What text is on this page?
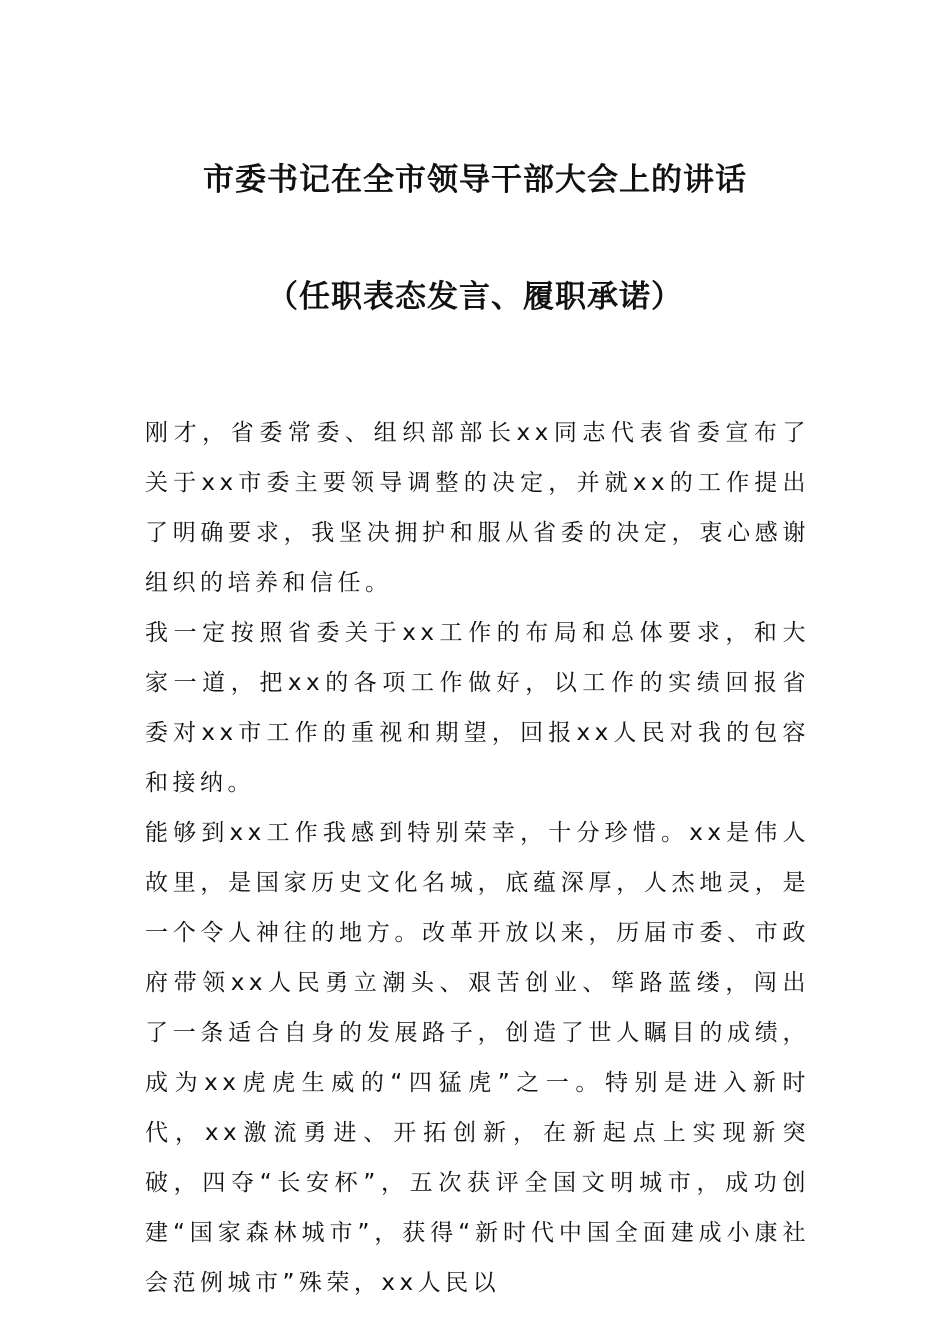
市委书记在全市领导干部大会上的讲话
（任职表态发言、履职承诺）

刚才，省委常委、组织部部长xx同志代表省委宣布了关于xx市委主要领导调整的决定，并就xx的工作提出了明确要求，我坚决拥护和服从省委的决定，衷心感谢组织的培养和信任。

我一定按照省委关于xx工作的布局和总体要求，和大家一道，把xx的各项工作做好，以工作的实绩回报省委对xx市工作的重视和期望，回报xx人民对我的包容和接纳。

能够到xx工作我感到特别荣幸，十分珍惜。xx是伟人故里，是国家历史文化名城，底蕴深厚，人杰地灵，是一个令人神往的地方。改革开放以来，历届市委、市政府带领xx人民勇立潮头、艰苦创业、筚路蓝缕，闯出了一条适合自身的发展路子，创造了世人瞩目的成绩，成为xx虎虎生威的“四猛虎”之一。特别是进入新时代，xx激流勇进、开拓创新，在新起点上实现新突破，四夺“长安杯”，五次获评全国文明城市，成功创建“国家森林城市”，获得“新时代中国全面建成小康社会范例城市”殊荣，xx人民以
